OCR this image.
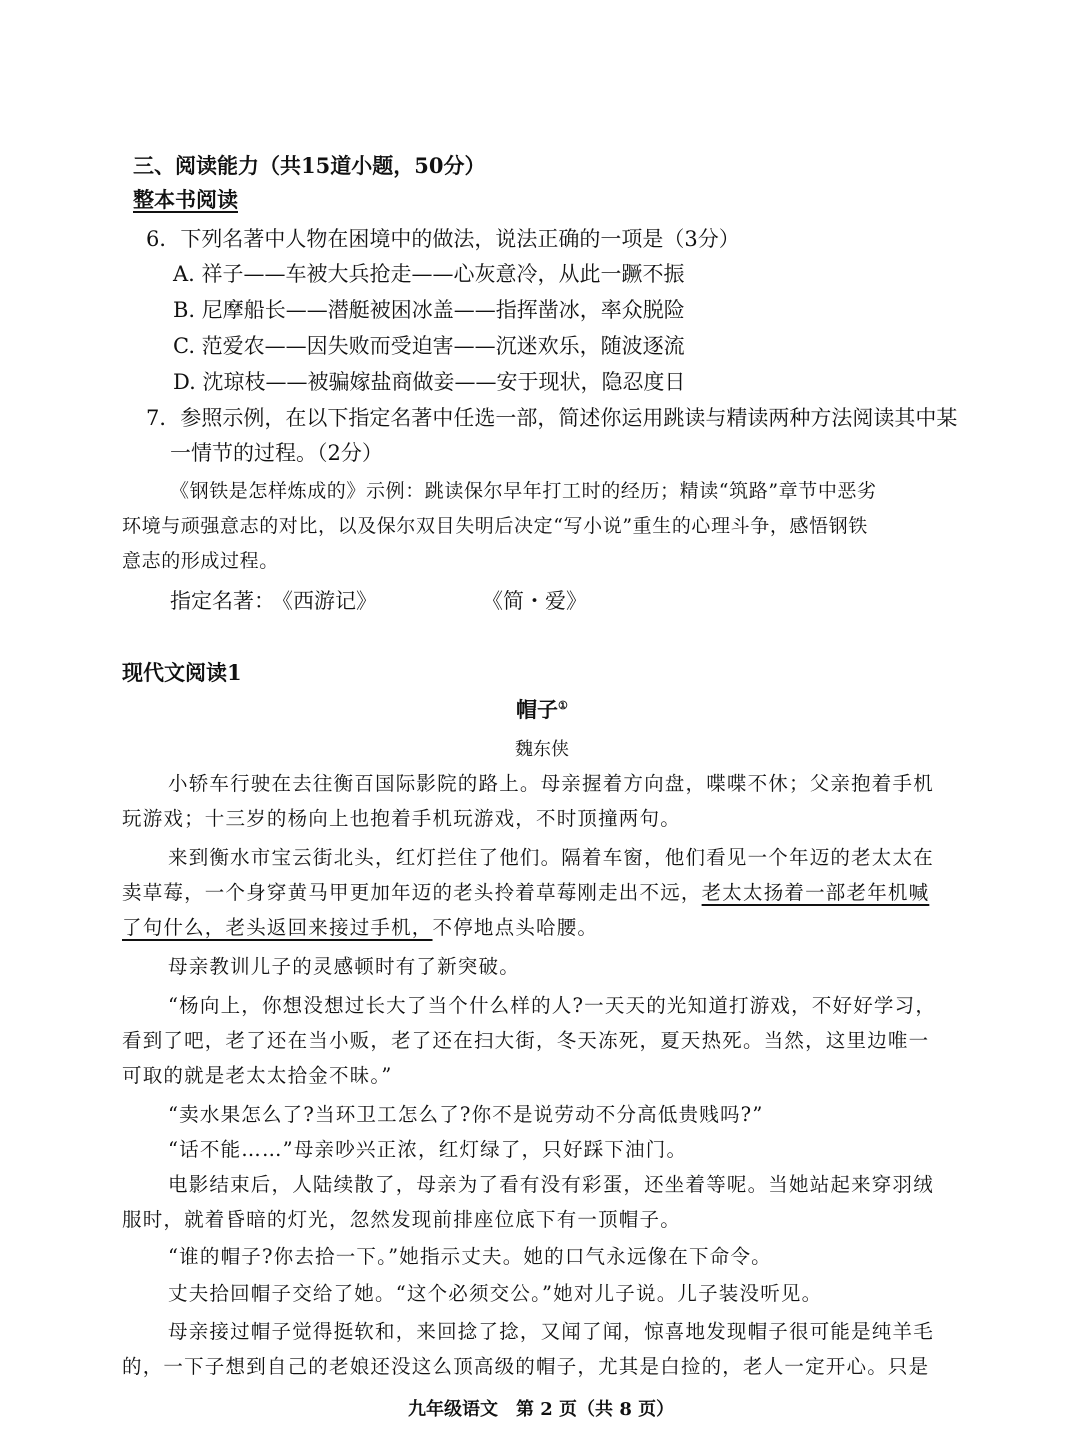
三、阅读能力（共15道小题，50分）

整本书阅读

6．下列名著中人物在困境中的做法，说法正确的一项是（3分）

A. 祥子——车被大兵抢走——心灰意冷，从此一蹶不振

B. 尼摩船长——潜艇被困冰盖——指挥凿冰，率众脱险

C. 范爱农——因失败而受迫害——沉迷欢乐，随波逐流

D. 沈琼枝——被骗嫁盐商做妾——安于现状，隐忍度日

7．参照示例，在以下指定名著中任选一部，简述你运用跳读与精读两种方法阅读其中某

一情节的过程。（2分）

《钢铁是怎样炼成的》示例：跳读保尔早年打工时的经历；精读“筑路”章节中恶劣

环境与顽强意志的对比，以及保尔双目失明后决定“写小说”重生的心理斗争，感悟钢铁

意志的形成过程。

指定名著：

《西游记》	《简・爱》

现代文阅读1

帽子①

魏东侠

小轿车行驶在去往衡百国际影院的路上。母亲握着方向盘，喋喋不休；父亲抱着手机

玩游戏；十三岁的杨向上也抱着手机玩游戏，不时顶撞两句。

来到衡水市宝云街北头，红灯拦住了他们。隔着车窗，他们看见一个年迈的老太太在

卖草莓，一个身穿黄马甲更加年迈的老头拎着草莓刚走出不远，老太太扬着一部老年机喊

了句什么，老头返回来接过手机，不停地点头哈腰。

母亲教训儿子的灵感顿时有了新突破。

“杨向上，你想没想过长大了当个什么样的人?一天天的光知道打游戏，不好好学习，

看到了吧，老了还在当小贩，老了还在扫大街，冬天冻死，夏天热死。当然，这里边唯一

可取的就是老太太拾金不昧。”

“卖水果怎么了?当环卫工怎么了?你不是说劳动不分高低贵贱吗?”

“话不能……”母亲吵兴正浓，红灯绿了，只好踩下油门。

电影结束后，人陆续散了，母亲为了看有没有彩蛋，还坐着等呢。当她站起来穿羽绒

服时，就着昏暗的灯光，忽然发现前排座位底下有一顶帽子。

“谁的帽子?你去拾一下。”她指示丈夫。她的口气永远像在下命令。

丈夫拾回帽子交给了她。“这个必须交公。”她对儿子说。儿子装没听见。

母亲接过帽子觉得挺软和，来回捻了捻，又闻了闻，惊喜地发现帽子很可能是纯羊毛

的，一下子想到自己的老娘还没这么顶高级的帽子，尤其是白捡的，老人一定开心。只是

九年级语文　第 2 页（共 8 页）
